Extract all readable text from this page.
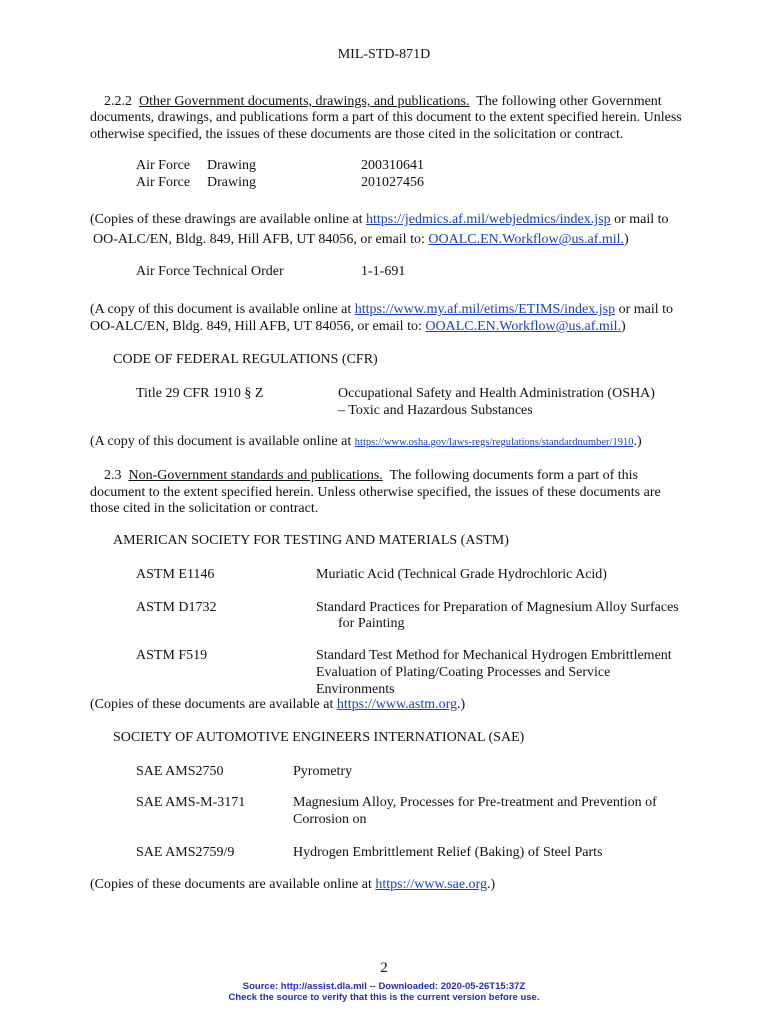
MIL-STD-871D
2.2.2 Other Government documents, drawings, and publications. The following other Government
documents, drawings, and publications form a part of this document to the extent specified herein. Unless
otherwise specified, the issues of these documents are those cited in the solicitation or contract.
Air Force Drawing	200310641
Air Force Drawing	201027456
(Copies of these drawings are available online at https://jedmics.af.mil/webjedmics/index.jsp or mail to
OO-ALC/EN, Bldg. 849, Hill AFB, UT 84056, or email to: OOALC.EN.Workflow@us.af.mil.)
Air Force Technical Order	1-1-691
(A copy of this document is available online at https://www.my.af.mil/etims/ETIMS/index.jsp or mail to
OO-ALC/EN, Bldg. 849, Hill AFB, UT 84056, or email to: OOALC.EN.Workflow@us.af.mil.)
CODE OF FEDERAL REGULATIONS (CFR)
Title 29 CFR 1910 § Z	Occupational Safety and Health Administration (OSHA)
– Toxic and Hazardous Substances
(A copy of this document is available online at https://www.osha.gov/laws-regs/regulations/standardnumber/1910.)
2.3 Non-Government standards and publications. The following documents form a part of this
document to the extent specified herein. Unless otherwise specified, the issues of these documents are
those cited in the solicitation or contract.
AMERICAN SOCIETY FOR TESTING AND MATERIALS (ASTM)
ASTM E1146	Muriatic Acid (Technical Grade Hydrochloric Acid)
ASTM D1732	Standard Practices for Preparation of Magnesium Alloy Surfaces
for Painting
ASTM F519	Standard Test Method for Mechanical Hydrogen Embrittlement
Evaluation of Plating/Coating Processes and Service
Environments
(Copies of these documents are available at https://www.astm.org.)
SOCIETY OF AUTOMOTIVE ENGINEERS INTERNATIONAL (SAE)
SAE AMS2750	Pyrometry
SAE AMS-M-3171	Magnesium Alloy, Processes for Pre-treatment and Prevention of
Corrosion on
SAE AMS2759/9	Hydrogen Embrittlement Relief (Baking) of Steel Parts
(Copies of these documents are available online at https://www.sae.org.)
2
Source: http://assist.dla.mil -- Downloaded: 2020-05-26T15:37Z
Check the source to verify that this is the current version before use.
